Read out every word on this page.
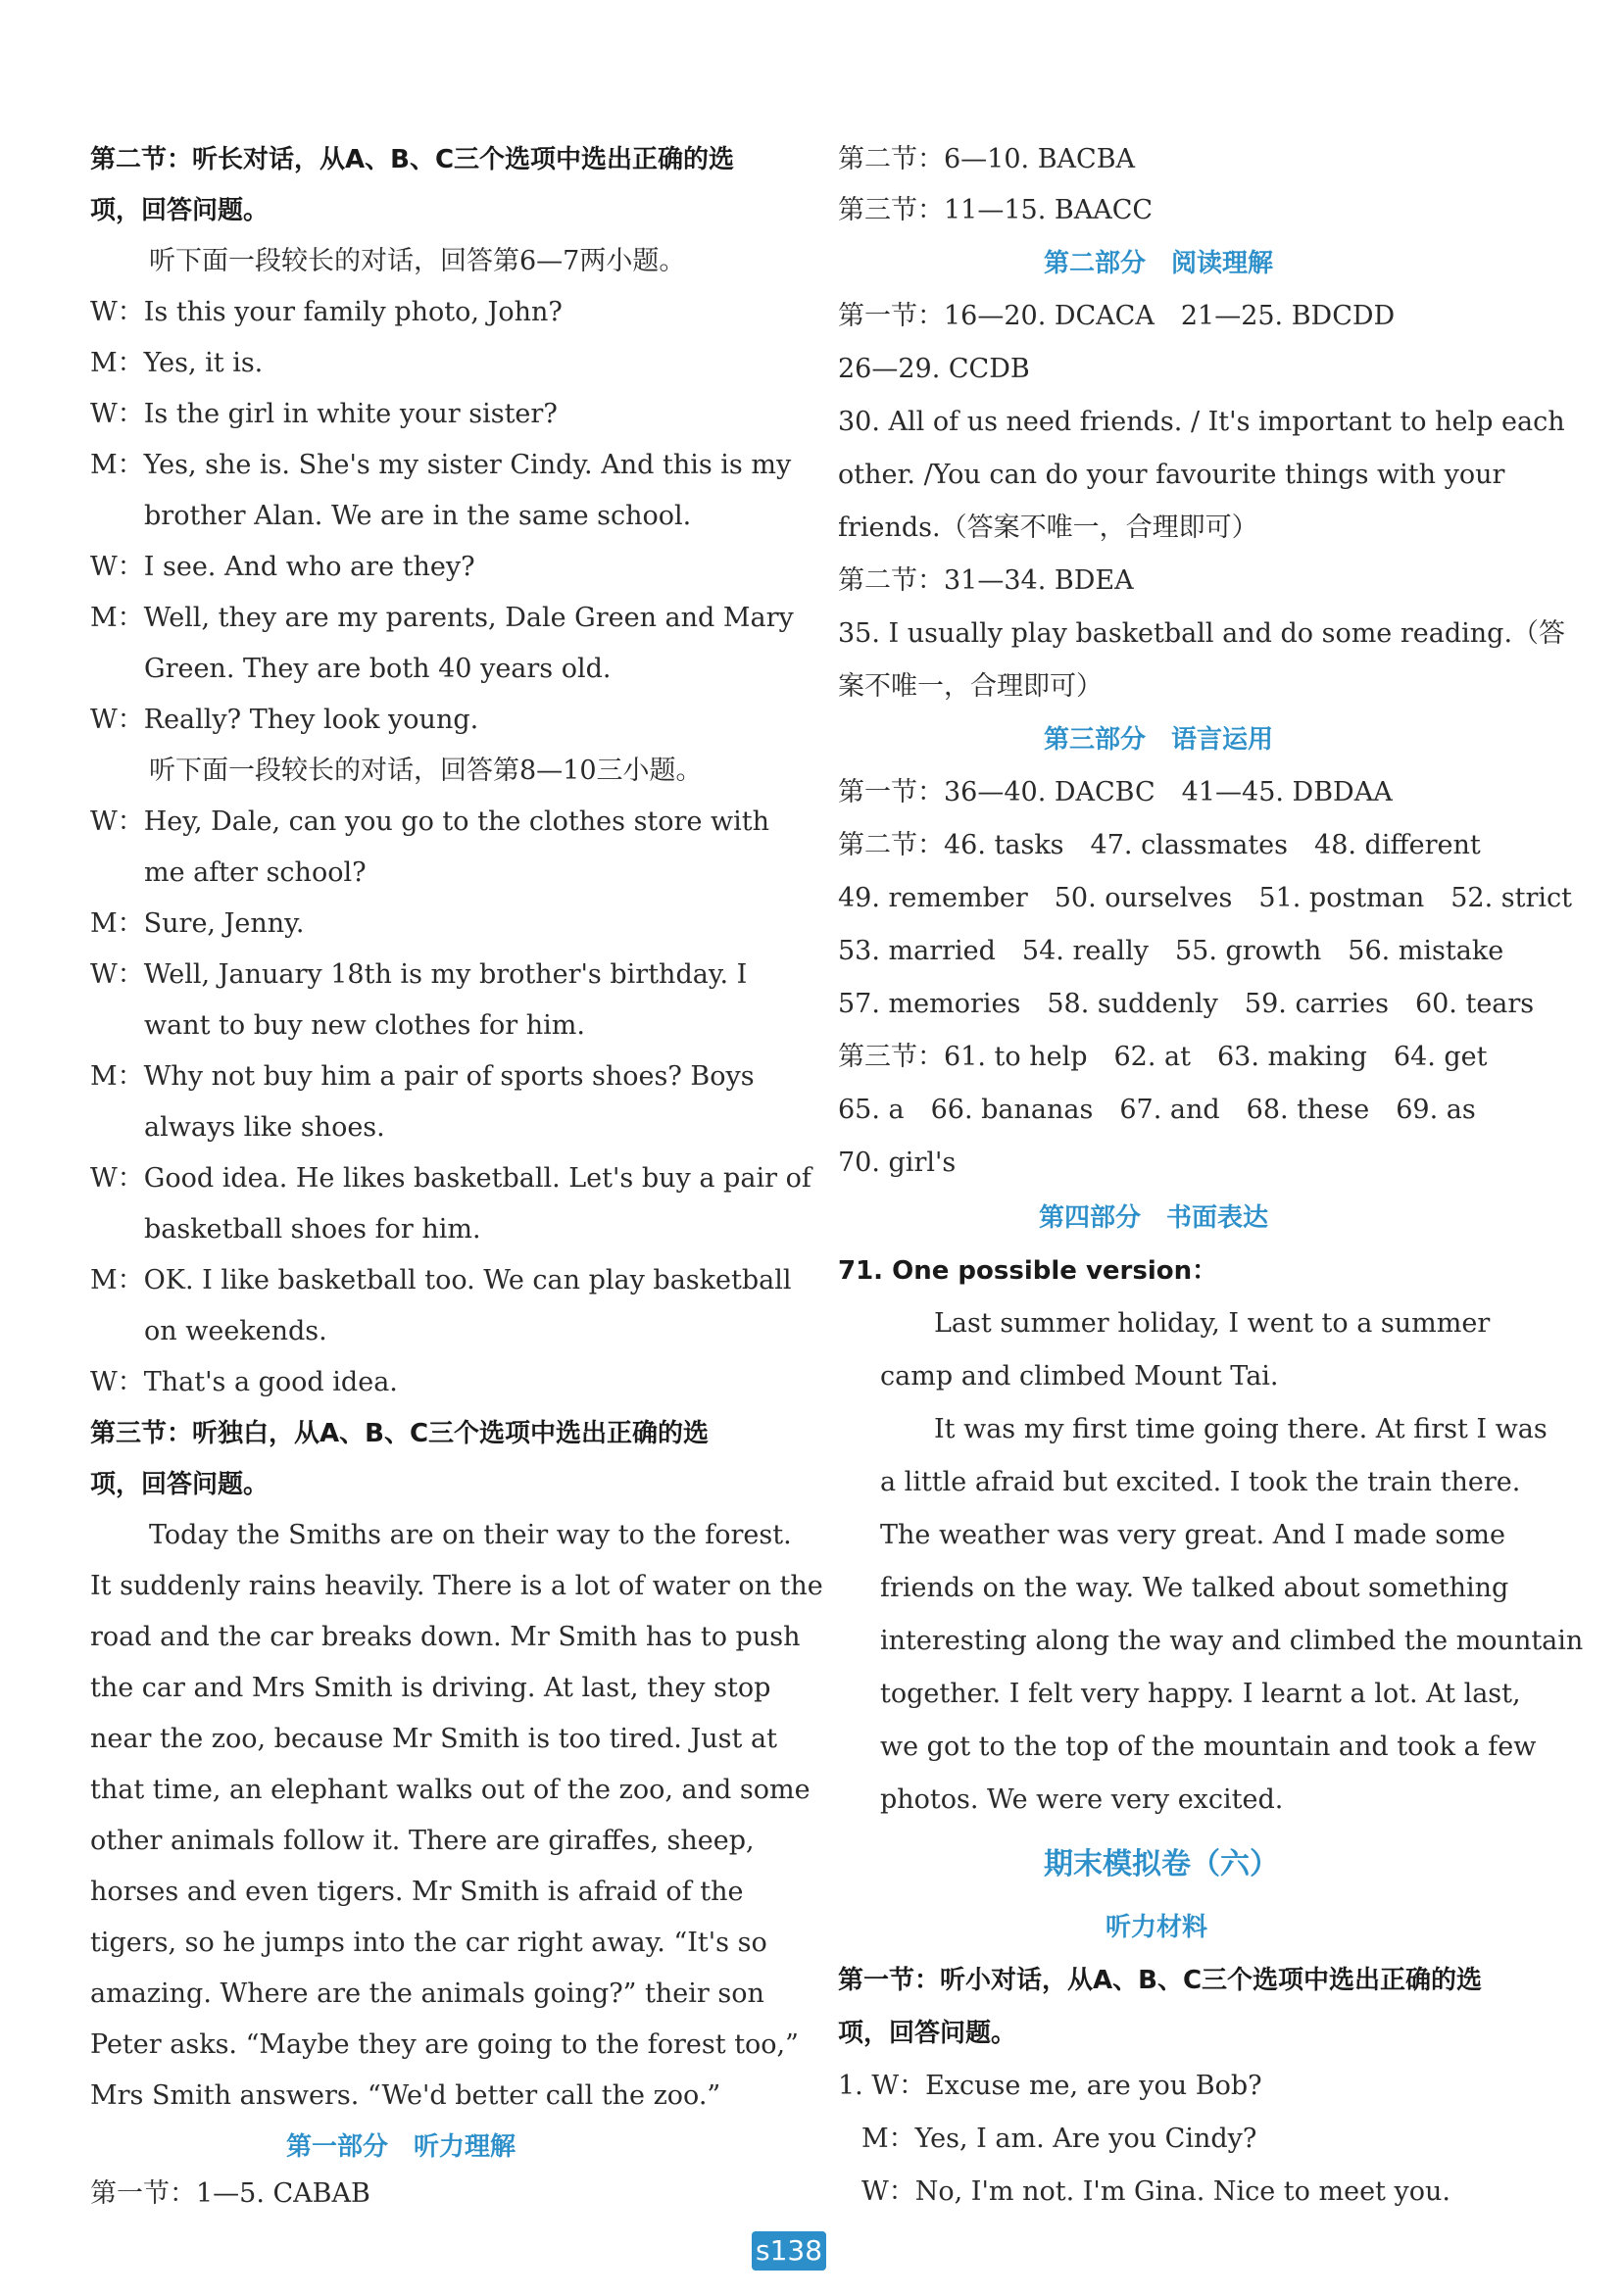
第二节：听长对话，从A、B、C三个选项中选出正确的选
项，回答问题。
听下面一段较长的对话，回答第6—7两小题。
W：Is this your family photo, John?
M：Yes, it is.
W：Is the girl in white your sister?
M：Yes, she is. She's my sister Cindy. And this is my
brother Alan. We are in the same school.
W：I see. And who are they?
M：Well, they are my parents, Dale Green and Mary
Green. They are both 40 years old.
W：Really? They look young.
听下面一段较长的对话，回答第8—10三小题。
W：Hey, Dale, can you go to the clothes store with
me after school?
M：Sure, Jenny.
W：Well, January 18th is my brother's birthday. I
want to buy new clothes for him.
M：Why not buy him a pair of sports shoes? Boys
always like shoes.
W：Good idea. He likes basketball. Let's buy a pair of
basketball shoes for him.
M：OK. I like basketball too. We can play basketball
on weekends.
W：That's a good idea.
第三节：听独白，从A、B、C三个选项中选出正确的选
项，回答问题。
Today the Smiths are on their way to the forest.
It suddenly rains heavily. There is a lot of water on the
road and the car breaks down. Mr Smith has to push
the car and Mrs Smith is driving. At last, they stop
near the zoo, because Mr Smith is too tired. Just at
that time, an elephant walks out of the zoo, and some
other animals follow it. There are giraffes, sheep,
horses and even tigers. Mr Smith is afraid of the
tigers, so he jumps into the car right away. “It's so
amazing. Where are the animals going?” their son
Peter asks. “Maybe they are going to the forest too,”
Mrs Smith answers. “We'd better call the zoo.”
第一部分　听力理解
第一节：1—5. CABAB
第二节：6—10. BACBA
第三节：11—15. BAACC
第二部分　阅读理解
第一节：16—20. DCACA　21—25. BDCDD
26—29. CCDB
30. All of us need friends. / It's important to help each
other. /You can do your favourite things with your
friends.（答案不唯一，合理即可）
第二节：31—34. BDEA
35. I usually play basketball and do some reading.（答
案不唯一，合理即可）
第三部分　语言运用
第一节：36—40. DACBC　41—45. DBDAA
第二节：46. tasks　47. classmates　48. different
49. remember　50. ourselves　51. postman　52. strict
53. married　54. really　55. growth　56. mistake
57. memories　58. suddenly　59. carries　60. tears
第三节：61. to help　62. at　63. making　64. get
65. a　66. bananas　67. and　68. these　69. as
70. girl's
第四部分　书面表达
71. One possible version：
Last summer holiday, I went to a summer
camp and climbed Mount Tai.
It was my first time going there. At first I was
a little afraid but excited. I took the train there.
The weather was very great. And I made some
friends on the way. We talked about something
interesting along the way and climbed the mountain
together. I felt very happy. I learnt a lot. At last,
we got to the top of the mountain and took a few
photos. We were very excited.
期末模拟卷（六）
听力材料
第一节：听小对话，从A、B、C三个选项中选出正确的选
项，回答问题。
1. W：Excuse me, are you Bob?
M：Yes, I am. Are you Cindy?
W：No, I'm not. I'm Gina. Nice to meet you.
s138
